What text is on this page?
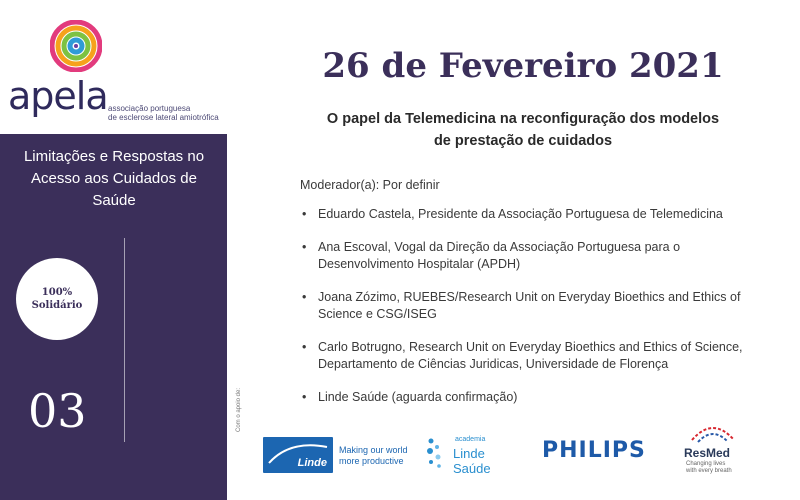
apela associação portuguesa
de esclerose lateral amiotrófica
Limitações e Respostas no Acesso aos Cuidados de Saúde
100%
Solidário
03	Com o apoio de:
26 de Fevereiro 2021
O papel da Telemedicina na reconfiguração dos modelos
de prestação de cuidados
Moderador(a): Por definir
• Eduardo Castela, Presidente da Associação Portuguesa de Telemedicina
• Ana Escoval, Vogal da Direção da Associação Portuguesa para o Desenvolvimento Hospitalar (APDH)
• Joana Zózimo, RUEBES/Research Unit on Everyday Bioethics and Ethics of Science e CSG/ISEG
• Carlo Botrugno, Research Unit on Everyday Bioethics and Ethics of Science, Departamento de Ciências Juridicas, Universidade de Florença
• Linde Saúde (aguarda confirmação)
Linde
Making our world
more productive
academia
Linde Saúde
PHILIPS	ResMed
Changing lives
with every breath
